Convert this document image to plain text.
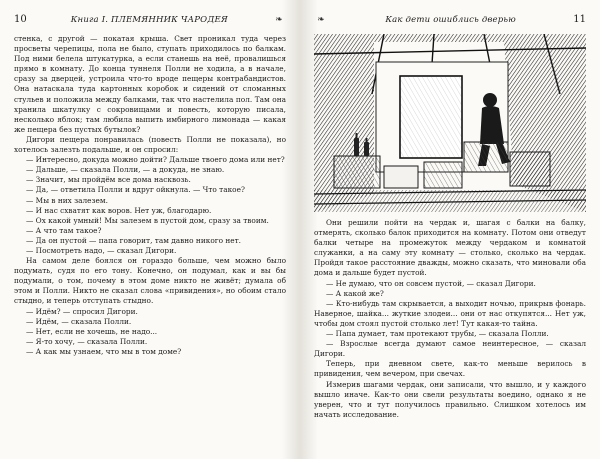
10	Книга I. ПЛЕМЯННИК ЧАРОДЕЯ	❧

стенка, с другой — покатая крыша. Свет проникал туда через просветы черепицы, пола не было, ступать приходилось по балкам. Под ними белела штукатурка, а если станешь на неё, провалишься прямо в комнату. До конца туннеля Полли не ходила, а в начале, сразу за дверцей, устроила что-то вроде пещеры контрабандистов. Она натаскала туда картонных коробок и сидений от сломанных стульев и положила между балками, так что настелила пол. Там она хранила шкатулку с сокровищами и повесть, которую писала, несколько яблок; там любила выпить имбирного лимонада — какая же пещера без пустых бутылок?

Дигори пещера понравилась (повесть Полли не показала), но хотелось залезть подальше, и он спросил:

— Интересно, докуда можно дойти? Дальше твоего дома или нет?

— Дальше, — сказала Полли, — а докуда, не знаю.

— Значит, мы пройдём все дома насквозь.

— Да, — ответила Полли и вдруг ойкнула. — Что такое?

— Мы в них залезем.

— И нас схватят как воров. Нет уж, благодарю.

— Ох какой умный! Мы залезем в пустой дом, сразу за твоим.

— А что там такое?

— Да он пустой — папа говорит, там давно никого нет.

— Посмотреть надо, — сказал Дигори.

На самом деле боялся он гораздо больше, чем можно было подумать, судя по его тону. Конечно, он подумал, как и вы бы подумали, о том, почему в этом доме никто не живёт; думала об этом и Полли. Никто не сказал слова «привидения», но обоим стало стыдно, и теперь отступать стыдно.

— Идём? — спросил Дигори.

— Идём, — сказала Полли.

— Нет, если не хочешь, не надо...

— Я-то хочу, — сказала Полли.

— А как мы узнаем, что мы в том доме?

❧	Как дети ошиблись дверью	11

Они решили пойти на чердак и, шагая с балки на балку, отмерять, сколько балок приходится на комнату. Потом они отведут балки четыре на промежуток между чердаком и комнатой служанки, а на саму эту комнату — столько, сколько на чердак. Пройдя такое расстояние дважды, можно сказать, что миновали оба дома и дальше будет пустой.

— Не думаю, что он совсем пустой, — сказал Дигори.

— А какой же?

— Кто-нибудь там скрывается, а выходит ночью, прикрыв фонарь. Наверное, шайка... жуткие злодеи... они от нас откупятся... Нет уж, чтобы дом стоял пустой столько лет! Тут какая-то тайна.

— Папа думает, там протекают трубы, — сказала Полли.

— Взрослые всегда думают самое неинтересное, — сказал Дигори.

Теперь, при дневном свете, как-то меньше верилось в привидения, чем вечером, при свечах.

Измерив шагами чердак, они записали, что вышло, и у каждого вышло иначе. Как-то они свели результаты воедино, однако я не уверен, что и тут получилось правильно. Слишком хотелось им начать исследование.
